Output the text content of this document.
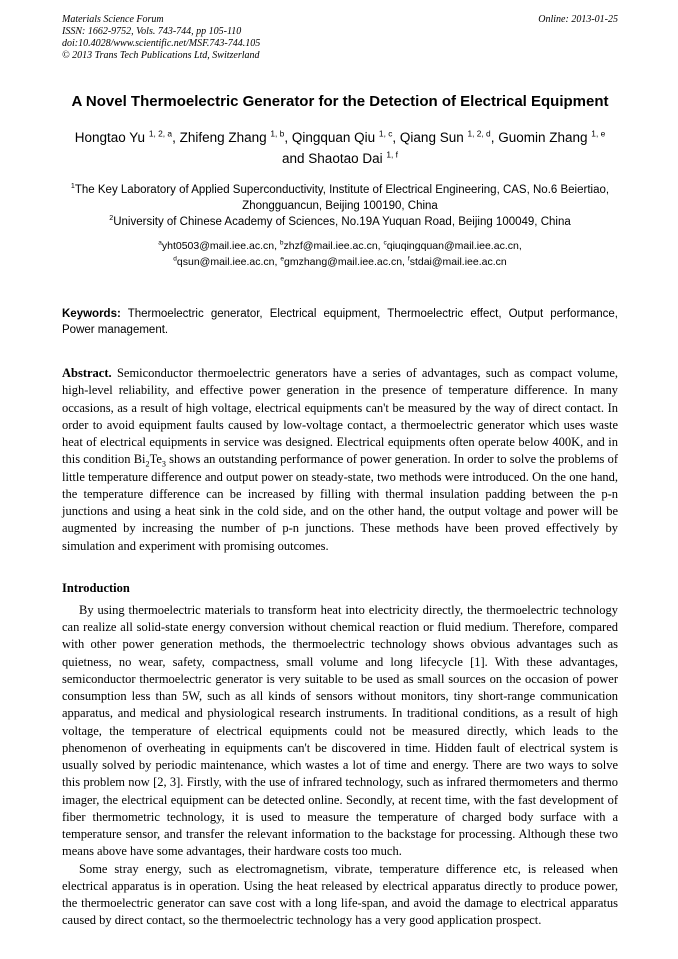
Materials Science Forum
ISSN: 1662-9752, Vols. 743-744, pp 105-110
doi:10.4028/www.scientific.net/MSF.743-744.105
© 2013 Trans Tech Publications Ltd, Switzerland
Online: 2013-01-25
A Novel Thermoelectric Generator for the Detection of Electrical Equipment
Hongtao Yu $^{1, 2, a}$, Zhifeng Zhang $^{1, b}$, Qingquan Qiu $^{1, c}$, Qiang Sun $^{1, 2, d}$, Guomin Zhang $^{1, e}$ and Shaotao Dai $^{1, f}$
$^1$The Key Laboratory of Applied Superconductivity, Institute of Electrical Engineering, CAS, No.6 Beiertiao, Zhongguancun, Beijing 100190, China
$^2$University of Chinese Academy of Sciences, No.19A Yuquan Road, Beijing 100049, China
$^a$yht0503@mail.iee.ac.cn, $^b$zhzf@mail.iee.ac.cn, $^c$qiuqingquan@mail.iee.ac.cn, $^d$qsun@mail.iee.ac.cn, $^e$gmzhang@mail.iee.ac.cn, $^f$stdai@mail.iee.ac.cn

Keywords: Thermoelectric generator, Electrical equipment, Thermoelectric effect, Output performance, Power management.

Abstract. Semiconductor thermoelectric generators have a series of advantages, such as compact volume, high-level reliability, and effective power generation in the presence of temperature difference. In many occasions, as a result of high voltage, electrical equipments can't be measured by the way of direct contact. In order to avoid equipment faults caused by low-voltage contact, a thermoelectric generator which uses waste heat of electrical equipments in service was designed. Electrical equipments often operate below 400K, and in this condition $Bi_2Te_3$ shows an outstanding performance of power generation. In order to solve the problems of little temperature difference and output power on steady-state, two methods were introduced. On the one hand, the temperature difference can be increased by filling with thermal insulation padding between the p-n junctions and using a heat sink in the cold side, and on the other hand, the output voltage and power will be augmented by increasing the number of p-n junctions. These methods have been proved effectively by simulation and experiment with promising outcomes.

Introduction

By using thermoelectric materials to transform heat into electricity directly, the thermoelectric technology can realize all solid-state energy conversion without chemical reaction or fluid medium. Therefore, compared with other power generation methods, the thermoelectric technology shows obvious advantages such as quietness, no wear, safety, compactness, small volume and long lifecycle [1]. With these advantages, semiconductor thermoelectric generator is very suitable to be used as small sources on the occasion of power consumption less than 5W, such as all kinds of sensors without monitors, tiny short-range communication apparatus, and medical and physiological research instruments. In traditional conditions, as a result of high voltage, the temperature of electrical equipments could not be measured directly, which leads to the phenomenon of overheating in equipments can't be discovered in time. Hidden fault of electrical system is usually solved by periodic maintenance, which wastes a lot of time and energy. There are two ways to solve this problem now [2, 3]. Firstly, with the use of infrared technology, such as infrared thermometers and thermo imager, the electrical equipment can be detected online. Secondly, at recent time, with the fast development of fiber thermometric technology, it is used to measure the temperature of charged body surface with a temperature sensor, and transfer the relevant information to the backstage for processing. Although these two means above have some advantages, their hardware costs too much.

Some stray energy, such as electromagnetism, vibrate, temperature difference etc, is released when electrical apparatus is in operation. Using the heat released by electrical apparatus directly to produce power, the thermoelectric generator can save cost with a long life-span, and avoid the damage to electrical apparatus caused by direct contact, so the thermoelectric technology has a very good application prospect.
